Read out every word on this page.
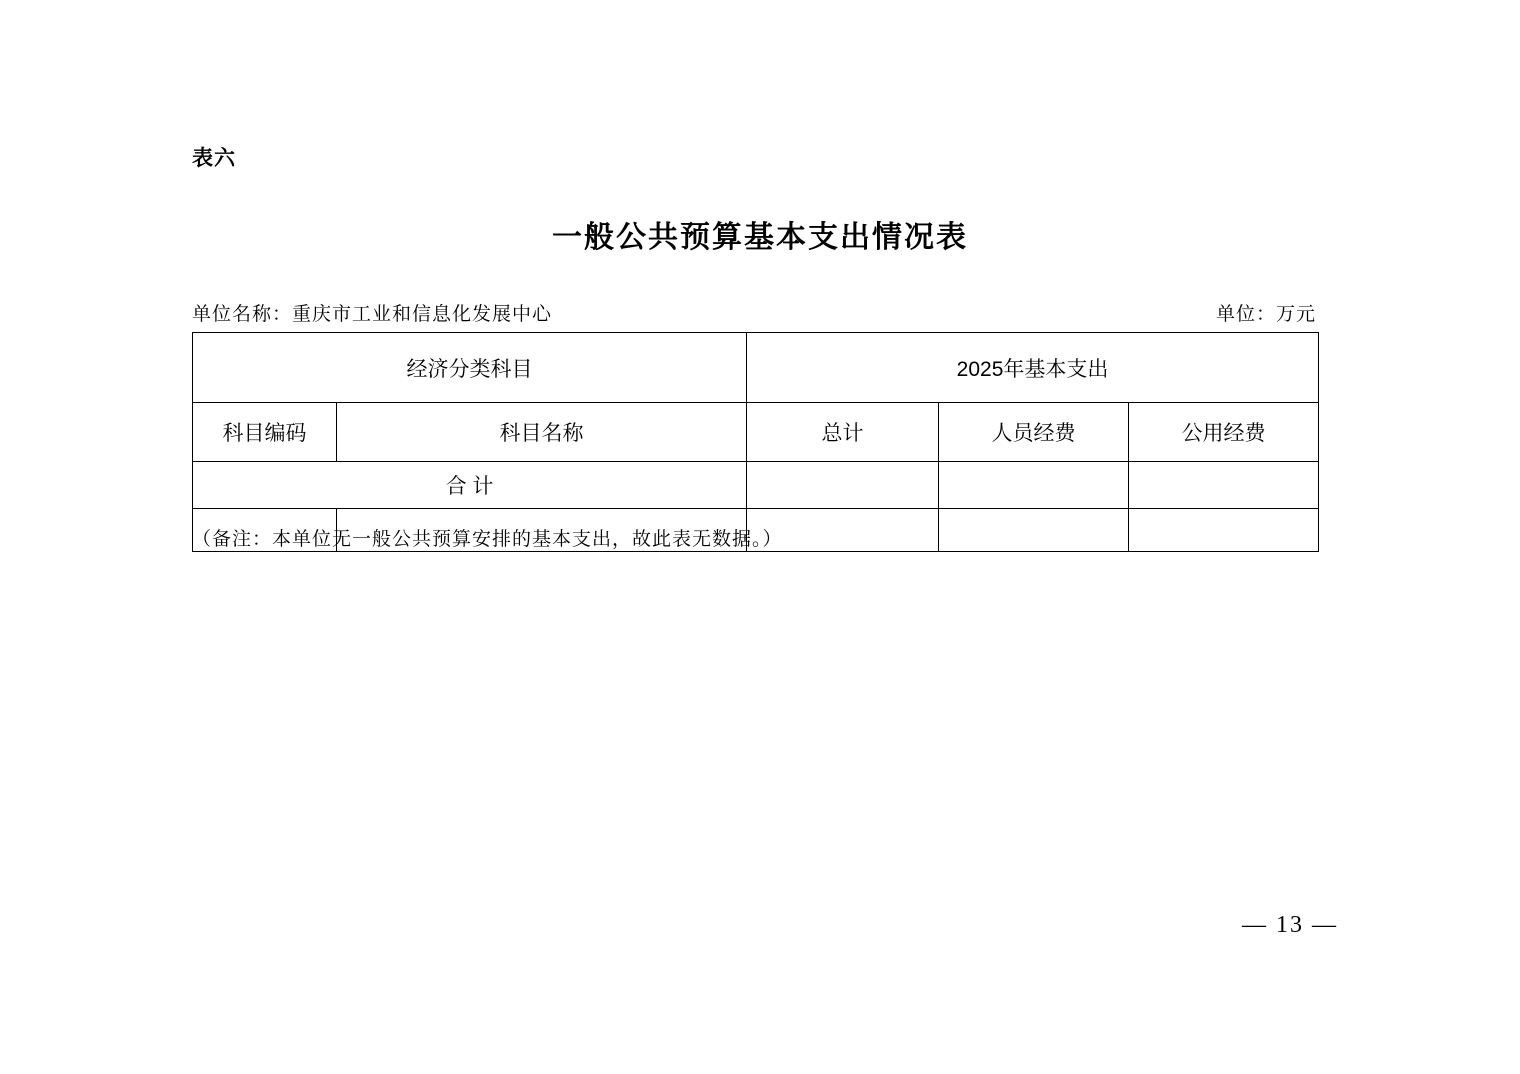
表六
一般公共预算基本支出情况表
单位名称：重庆市工业和信息化发展中心	单位：万元
经济分类科目		2025年基本支出		
科目编码	科目名称	总计	人员经费	公用经费
合 计				

（备注：本单位无一般公共预算安排的基本支出，故此表无数据。）
— 13 —
